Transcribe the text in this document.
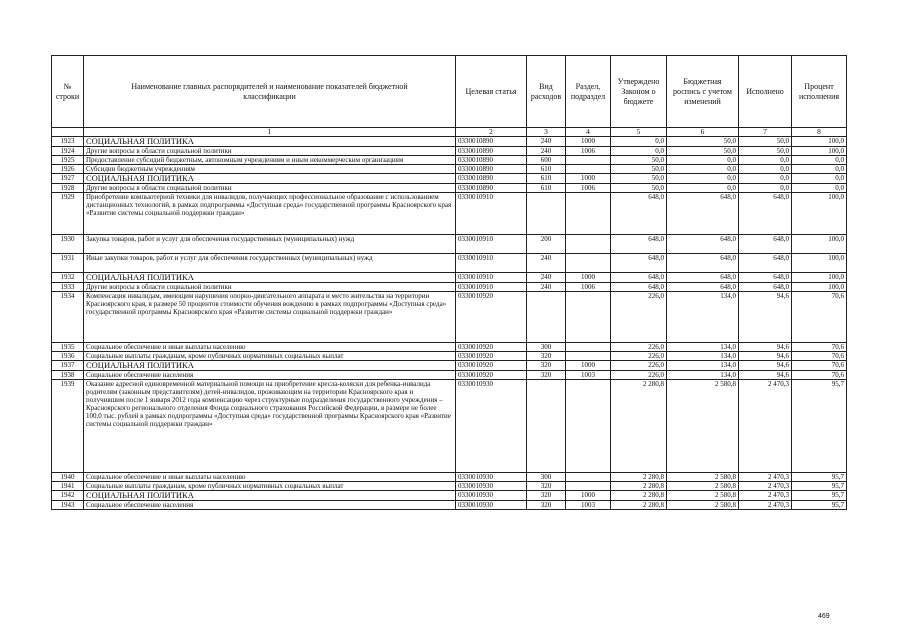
№ строки	Наименование главных распорядителей и наименование показателей бюджетной классификации	Целевая статья	Вид расходов	Раздел, подраздел	Утверждено Законом о бюджете	Бюджетная роспись с учетом изменений	Исполнено	Процент исполнения
	1	2	3	4	5	6	7	8
1923	СОЦИАЛЬНАЯ ПОЛИТИКА	0330010890	240	1000	0,0	50,0	50,0	100,0
1924	Другие вопросы в области социальной политики	0330010890	240	1006	0,0	50,0	50,0	100,0
1925	Предоставление субсидий бюджетным, автономным учреждениям и иным некоммерческим организациям	0330010890	600		50,0	0,0	0,0	0,0
1926	Субсидии бюджетным учреждениям	0330010890	610		50,0	0,0	0,0	0,0
1927	СОЦИАЛЬНАЯ ПОЛИТИКА	0330010890	610	1000	50,0	0,0	0,0	0,0
1928	Другие вопросы в области социальной политики	0330010890	610	1006	50,0	0,0	0,0	0,0
1929	Приобретение компьютерной техники для инвалидов, получающих профессиональное образование с использованием дистанционных технологий, в рамках подпрограммы «Доступная среда» государственной программы Красноярского края «Развитие системы социальной поддержки граждан»	0330010910			648,0	648,0	648,0	100,0
1930	Закупка товаров, работ и услуг для обеспечения государственных (муниципальных) нужд	0330010910	200		648,0	648,0	648,0	100,0
1931	Иные закупки товаров, работ и услуг для обеспечения государственных (муниципальных) нужд	0330010910	240		648,0	648,0	648,0	100,0
1932	СОЦИАЛЬНАЯ ПОЛИТИКА	0330010910	240	1000	648,0	648,0	648,0	100,0
1933	Другие вопросы в области социальной политики	0330010910	240	1006	648,0	648,0	648,0	100,0
1934	Компенсация инвалидам, имеющим нарушения опорно-двигательного аппарата и место жительства на территории Красноярского края, в размере 50 процентов стоимости обучения вождению в рамках подпрограммы «Доступная среда» государственной программы Красноярского края «Развитие системы социальной поддержки граждан»	0330010920			226,0	134,0	94,6	70,6
1935	Социальное обеспечение и иные выплаты населению	0330010920	300		226,0	134,0	94,6	70,6
1936	Социальные выплаты гражданам, кроме публичных нормативных социальных выплат	0330010920	320		226,0	134,0	94,6	70,6
1937	СОЦИАЛЬНАЯ ПОЛИТИКА	0330010920	320	1000	226,0	134,0	94,6	70,6
1938	Социальное обеспечение населения	0330010920	320	1003	226,0	134,0	94,6	70,6
1939	Оказание адресной единовременной материальной помощи на приобретение кресла-коляски для ребенка-инвалида родителям (законным представителям) детей-инвалидов, проживающим на территории Красноярского края и получившим после 1 января 2012 года компенсацию через структурные подразделения государственного учреждения – Красноярского регионального отделения Фонда социального страхования Российской Федерации, в размере не более 100,0 тыс. рублей в рамках подпрограммы «Доступная среда» государственной программы Красноярского края «Развитие системы социальной поддержки граждан»	0330010930			2 280,8	2 580,8	2 470,3	95,7
1940	Социальное обеспечение и иные выплаты населению	0330010930	300		2 280,8	2 580,8	2 470,3	95,7
1941	Социальные выплаты гражданам, кроме публичных нормативных социальных выплат	0330010930	320		2 280,8	2 580,8	2 470,3	95,7
1942	СОЦИАЛЬНАЯ ПОЛИТИКА	0330010930	320	1000	2 280,8	2 580,8	2 470,3	95,7
1943	Социальное обеспечение населения	0330010930	320	1003	2 280,8	2 580,8	2 470,3	95,7
469
